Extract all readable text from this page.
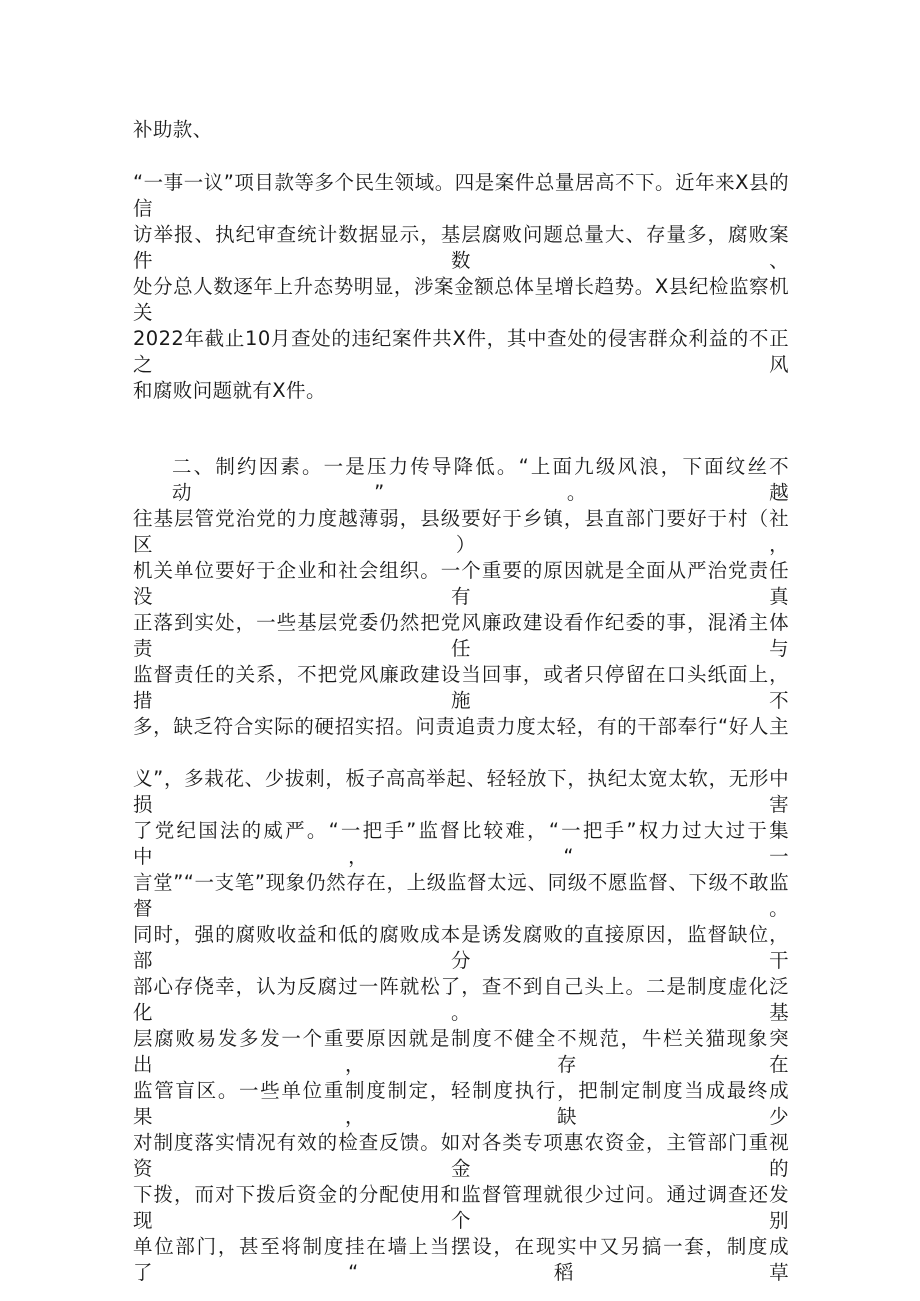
补助款、
“一事一议”项目款等多个民生领域。四是案件总量居高不下。近年来X县的信
访举报、执纪审查统计数据显示，基层腐败问题总量大、存量多，腐败案件数、
处分总人数逐年上升态势明显，涉案金额总体呈增长趋势。X县纪检监察机关
2022年截止10月查处的违纪案件共X件，其中查处的侵害群众利益的不正之风
和腐败问题就有X件。
二、制约因素。一是压力传导降低。“上面九级风浪，下面纹丝不动”。越
往基层管党治党的力度越薄弱，县级要好于乡镇，县直部门要好于村（社区），
机关单位要好于企业和社会组织。一个重要的原因就是全面从严治党责任没有真
正落到实处，一些基层党委仍然把党风廉政建设看作纪委的事，混淆主体责任与
监督责任的关系，不把党风廉政建设当回事，或者只停留在口头纸面上，措施不
多，缺乏符合实际的硬招实招。问责追责力度太轻，有的干部奉行“好人主
义”，多栽花、少拔刺，板子高高举起、轻轻放下，执纪太宽太软，无形中损害
了党纪国法的威严。“一把手”监督比较难，“一把手”权力过大过于集中，“一
言堂”“一支笔”现象仍然存在，上级监督太远、同级不愿监督、下级不敢监督。
同时，强的腐败收益和低的腐败成本是诱发腐败的直接原因，监督缺位，部分干
部心存侥幸，认为反腐过一阵就松了，查不到自己头上。二是制度虚化泛化。基
层腐败易发多发一个重要原因就是制度不健全不规范，牛栏关猫现象突出，存在
监管盲区。一些单位重制度制定，轻制度执行，把制定制度当成最终成果，缺少
对制度落实情况有效的检查反馈。如对各类专项惠农资金，主管部门重视资金的
下拨，而对下拨后资金的分配使用和监督管理就很少过问。通过调查还发现个别
单位部门，甚至将制度挂在墙上当摆设，在现实中又另搞一套，制度成了“稻草
